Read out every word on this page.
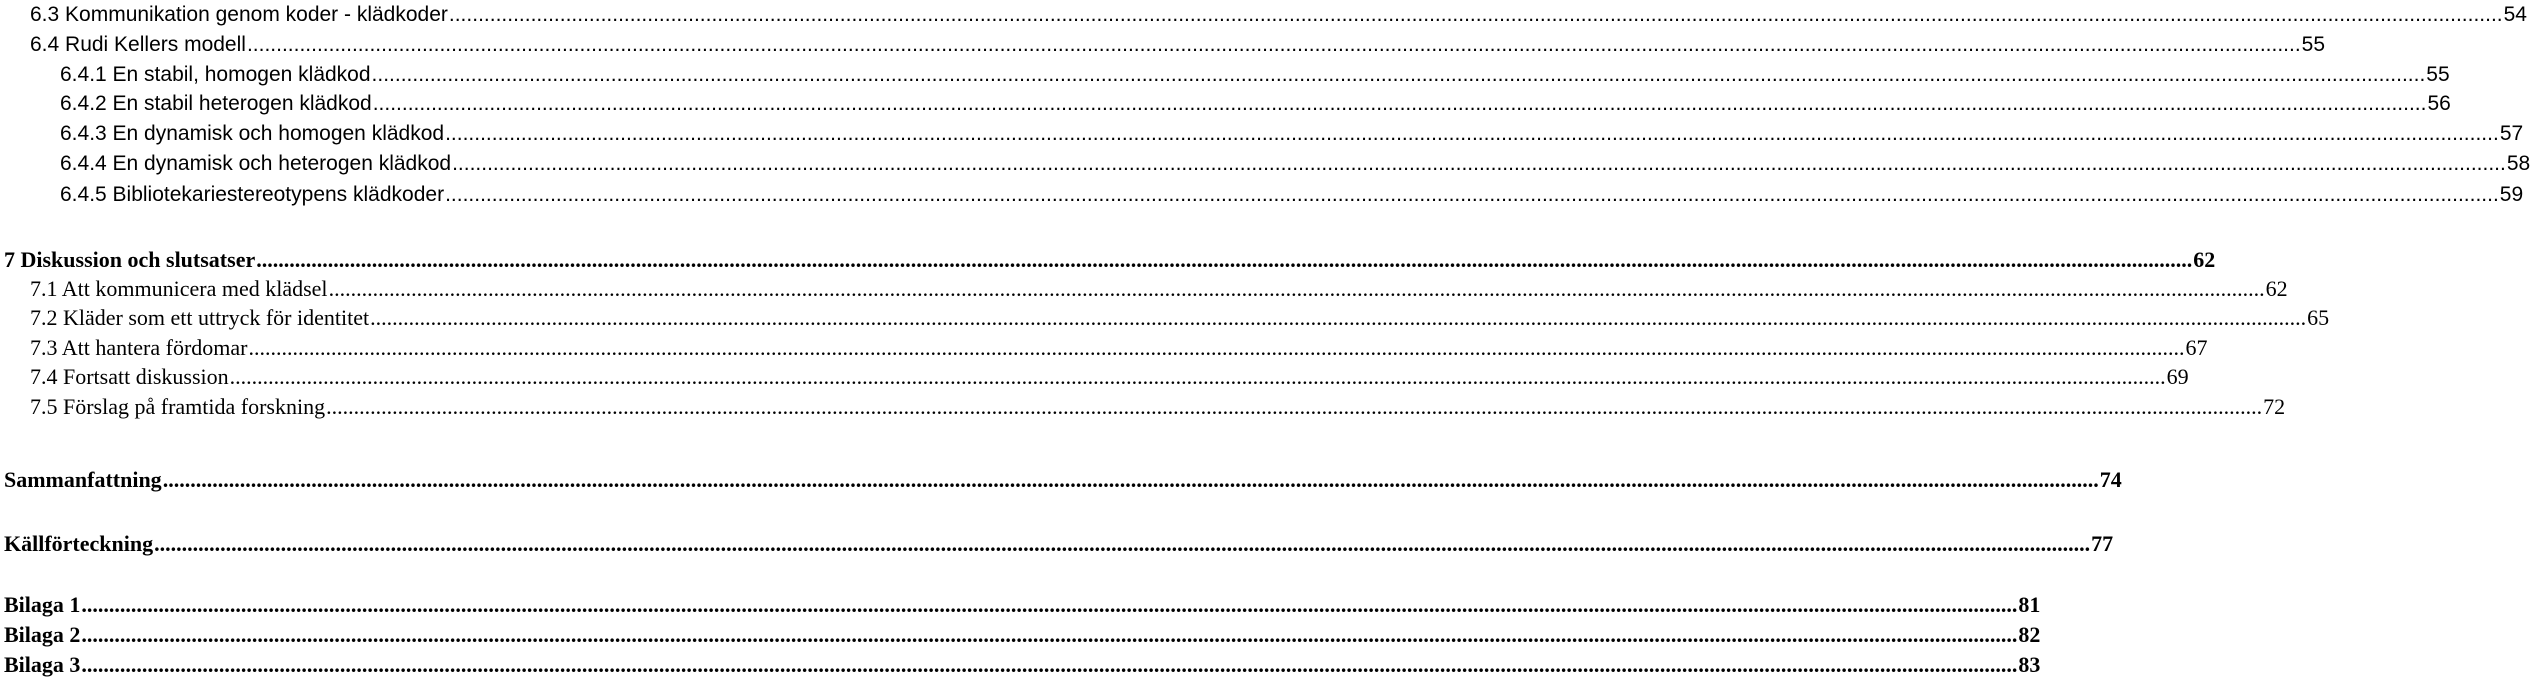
6.3 Kommunikation genom koder - klädkoder ................................................................................................................................................................................................................................................................................................................................................................ 54
6.4 Rudi Kellers modell ................................................................................................................................................................................................................................................................................................................................................................ 55
6.4.1 En stabil, homogen klädkod ................................................................................................................................................................................................................................................................................................................................................................ 55
6.4.2 En stabil heterogen klädkod ................................................................................................................................................................................................................................................................................................................................................................ 56
6.4.3 En dynamisk och homogen klädkod ................................................................................................................................................................................................................................................................................................................................................................ 57
6.4.4 En dynamisk och heterogen klädkod ................................................................................................................................................................................................................................................................................................................................................................ 58
6.4.5 Bibliotekariestereotypens klädkoder ................................................................................................................................................................................................................................................................................................................................................................ 59
7 Diskussion och slutsatser ................................................................................................................................................................................................................................................................................................................................................................ 62
7.1 Att kommunicera med klädsel ................................................................................................................................................................................................................................................................................................................................................................ 62
7.2 Kläder som ett uttryck för identitet ................................................................................................................................................................................................................................................................................................................................................................ 65
7.3 Att hantera fördomar ................................................................................................................................................................................................................................................................................................................................................................ 67
7.4 Fortsatt diskussion ................................................................................................................................................................................................................................................................................................................................................................ 69
7.5 Förslag på framtida forskning ................................................................................................................................................................................................................................................................................................................................................................ 72
Sammanfattning ................................................................................................................................................................................................................................................................................................................................................................ 74
Källförteckning ................................................................................................................................................................................................................................................................................................................................................................ 77
Bilaga 1 ................................................................................................................................................................................................................................................................................................................................................................ 81
Bilaga 2 ................................................................................................................................................................................................................................................................................................................................................................ 82
Bilaga 3 ................................................................................................................................................................................................................................................................................................................................................................ 83
